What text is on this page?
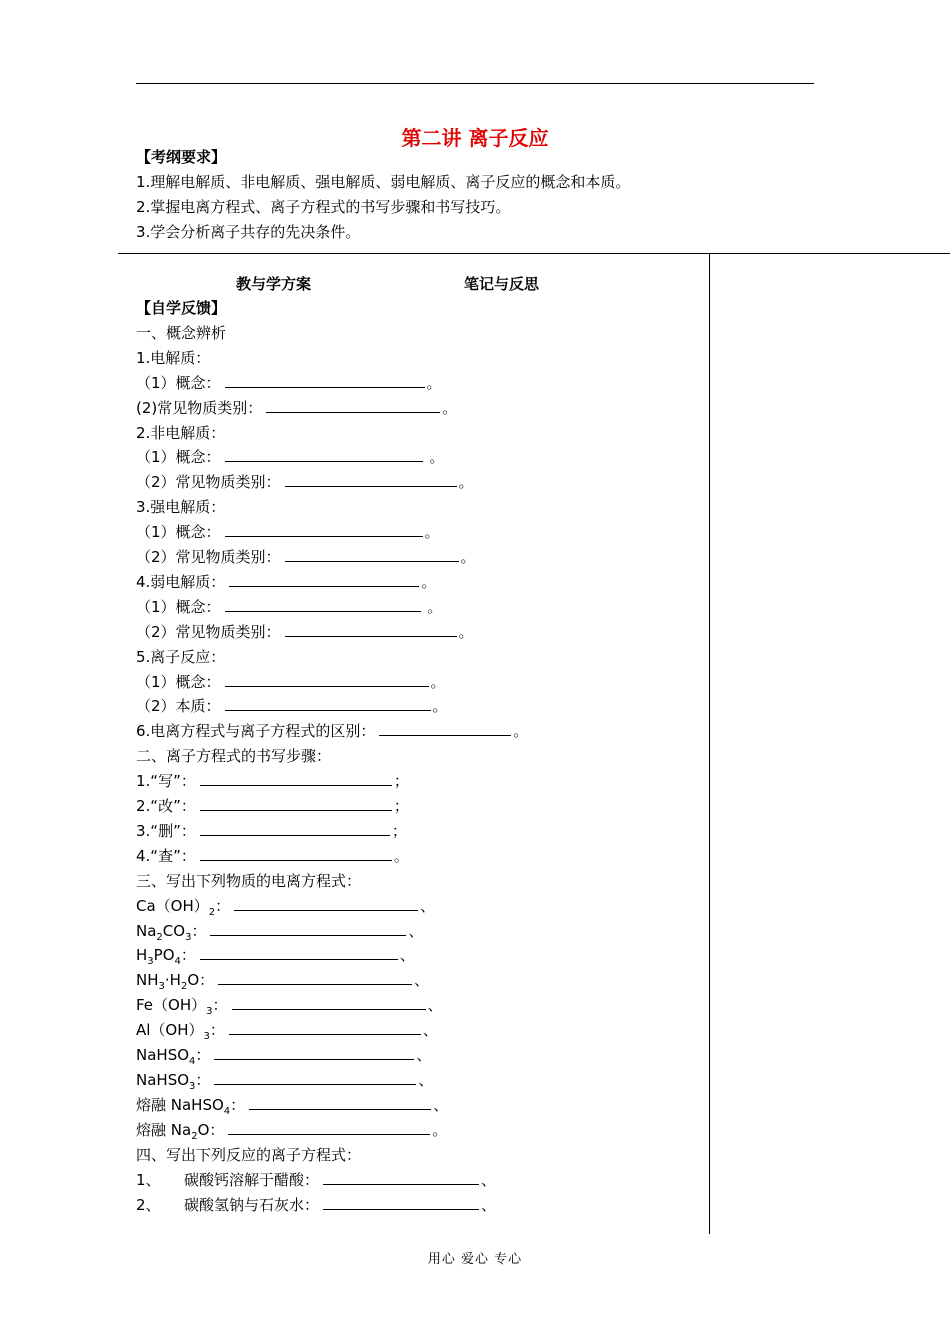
第二讲 离子反应
【考纲要求】
1.理解电解质、非电解质、强电解质、弱电解质、离子反应的概念和本质。
2.掌握电离方程式、离子方程式的书写步骤和书写技巧。
3.学会分析离子共存的先决条件。
【自学反馈】
一、概念辨析
1.电解质：
（1）概念：	。
(2)常见物质类别：	。
2.非电解质：
（1）概念：	。
（2）常见物质类别：	。
3.强电解质：
（1）概念：	。
（2）常见物质类别：	。
4.弱电解质：	。
（1）概念：	。
（2）常见物质类别：	。
5.离子反应：
（1）概念：	。
（2）本质：	。
6.电离方程式与离子方程式的区别：	。
二、离子方程式的书写步骤：
1.“写”：	；
2.“改”：	；
3.“删”：	；
4.“查”：	。
三、写出下列物质的电离方程式：
$Ca(OH)_2$：	、
$Na_2CO_3$：	、
$H_3PO_4$：	、
$NH_3\cdot H_2O$：	、
$Fe(OH)_3$：	、
$Al(OH)_3$：	、
NaHSO$_4$：	、
NaHSO$_3$：	、
熔融 NaHSO$_4$：	、
熔融 $Na_2O$：	。
四、写出下列反应的离子方程式：
1、 碳酸钙溶解于醋酸：	、
2、 碳酸氢钠与石灰水：	、
教与学方案	笔记与反思
用心 爱心 专心
